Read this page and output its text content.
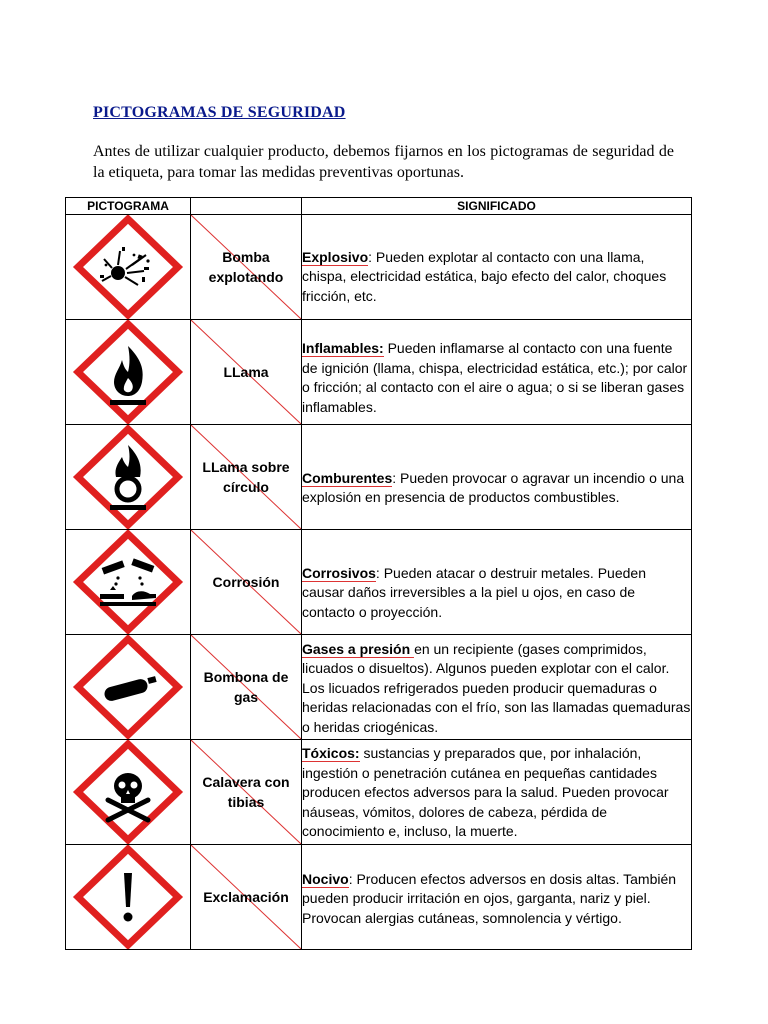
PICTOGRAMAS DE SEGURIDAD
Antes de utilizar cualquier producto, debemos fijarnos en los pictogramas de seguridad de la etiqueta, para tomar las medidas preventivas oportunas.
PICTOGRAMA		SIGNIFICADO

Bomba explotando	Explosivo: Pueden explotar al contacto con una llama, chispa, electricidad estática, bajo efecto del calor, choques fricción, etc.

LLama	Inflamables: Pueden inflamarse al contacto con una fuente de ignición (llama, chispa, electricidad estática, etc.); por calor o fricción; al contacto con el aire o agua; o si se liberan gases inflamables.

LLama sobre círculo	Comburentes: Pueden provocar o agravar un incendio o una explosión en presencia de productos combustibles.

Corrosión	Corrosivos: Pueden atacar o destruir metales. Pueden causar daños irreversibles a la piel u ojos, en caso de contacto o proyección.

Bombona de gas	Gases a presión en un recipiente (gases comprimidos, licuados o disueltos). Algunos pueden explotar con el calor. Los licuados refrigerados pueden producir quemaduras o heridas relacionadas con el frío, son las llamadas quemaduras o heridas criogénicas.

Calavera con tibias	Tóxicos: sustancias y preparados que, por inhalación, ingestión o penetración cutánea en pequeñas cantidades producen efectos adversos para la salud. Pueden provocar náuseas, vómitos, dolores de cabeza, pérdida de conocimiento e, incluso, la muerte.

Exclamación	Nocivo: Producen efectos adversos en dosis altas. También pueden producir irritación en ojos, garganta, nariz y piel. Provocan alergias cutáneas, somnolencia y vértigo.
